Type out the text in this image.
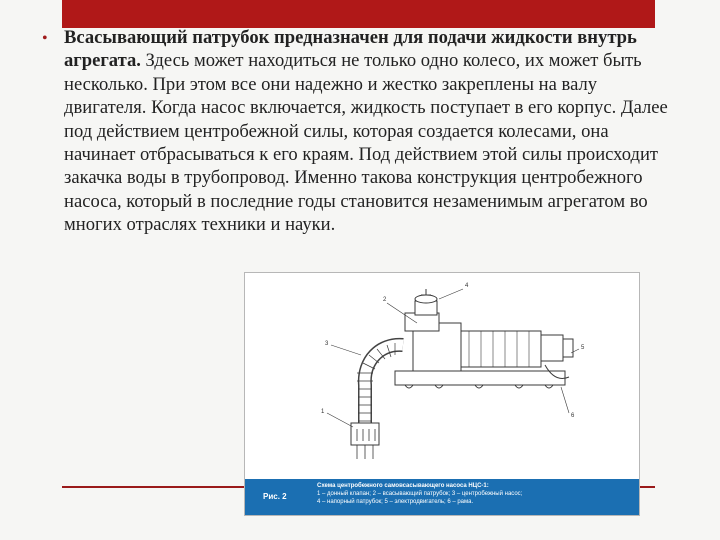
• Всасывающий патрубок предназначен для подачи жидкости внутрь агрегата. Здесь может находиться не только одно колесо, их может быть несколько. При этом все они надежно и жестко закреплены на валу двигателя. Когда насос включается, жидкость поступает в его корпус. Далее под действием центробежной силы, которая создается колесами, она начинает отбрасываться к его краям. Под действием этой силы происходит закачка воды в трубопровод. Именно такова конструкция центробежного насоса, который в последние годы становится незаменимым агрегатом во многих отраслях техники и науки.
2
4
3
1
5
6
Рис. 2
Схема центробежного самовсасывающего насоса НЦС-1:
1 – донный клапан; 2 – всасывающий патрубок; 3 – центробежный насос;
4 – напорный патрубок; 5 – электродвигатель; 6 – рама.
